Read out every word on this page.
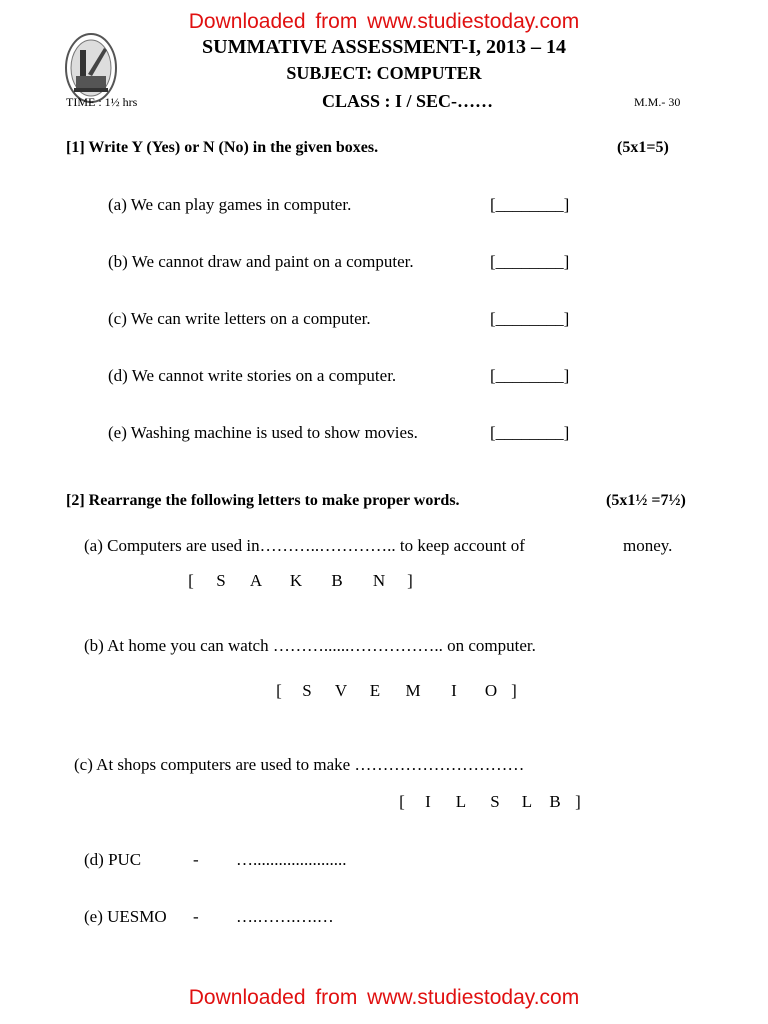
Downloaded from www.studiestoday.com
SUMMATIVE ASSESSMENT-I, 2013 – 14
SUBJECT: COMPUTER
TIME : 1½ hrs	CLASS : I / SEC-……	M.M.- 30
[1] Write Y (Yes) or N (No) in the given boxes.	(5x1=5)
(a) We can play games in computer.	[________]
(b) We cannot draw and paint on a computer.	[________]
(c) We can write letters on a computer.	[________]
(d) We cannot write stories on a computer.	[________]
(e) Washing machine is used to show movies.	[________]
[2] Rearrange the following letters to make proper words.	(5x1½ =7½)
(a) Computers are used in………..………….. to keep account of	money.
[ S A K B N ]
(b) At home you can watch ………......…………….. on computer.
[ S V E M I O ]
(c) At shops computers are used to make …………………………
[ I L S L B ]
(d) PUC	- …......................
(e) UESMO - ….…….….…
Downloaded from www.studiestoday.com
